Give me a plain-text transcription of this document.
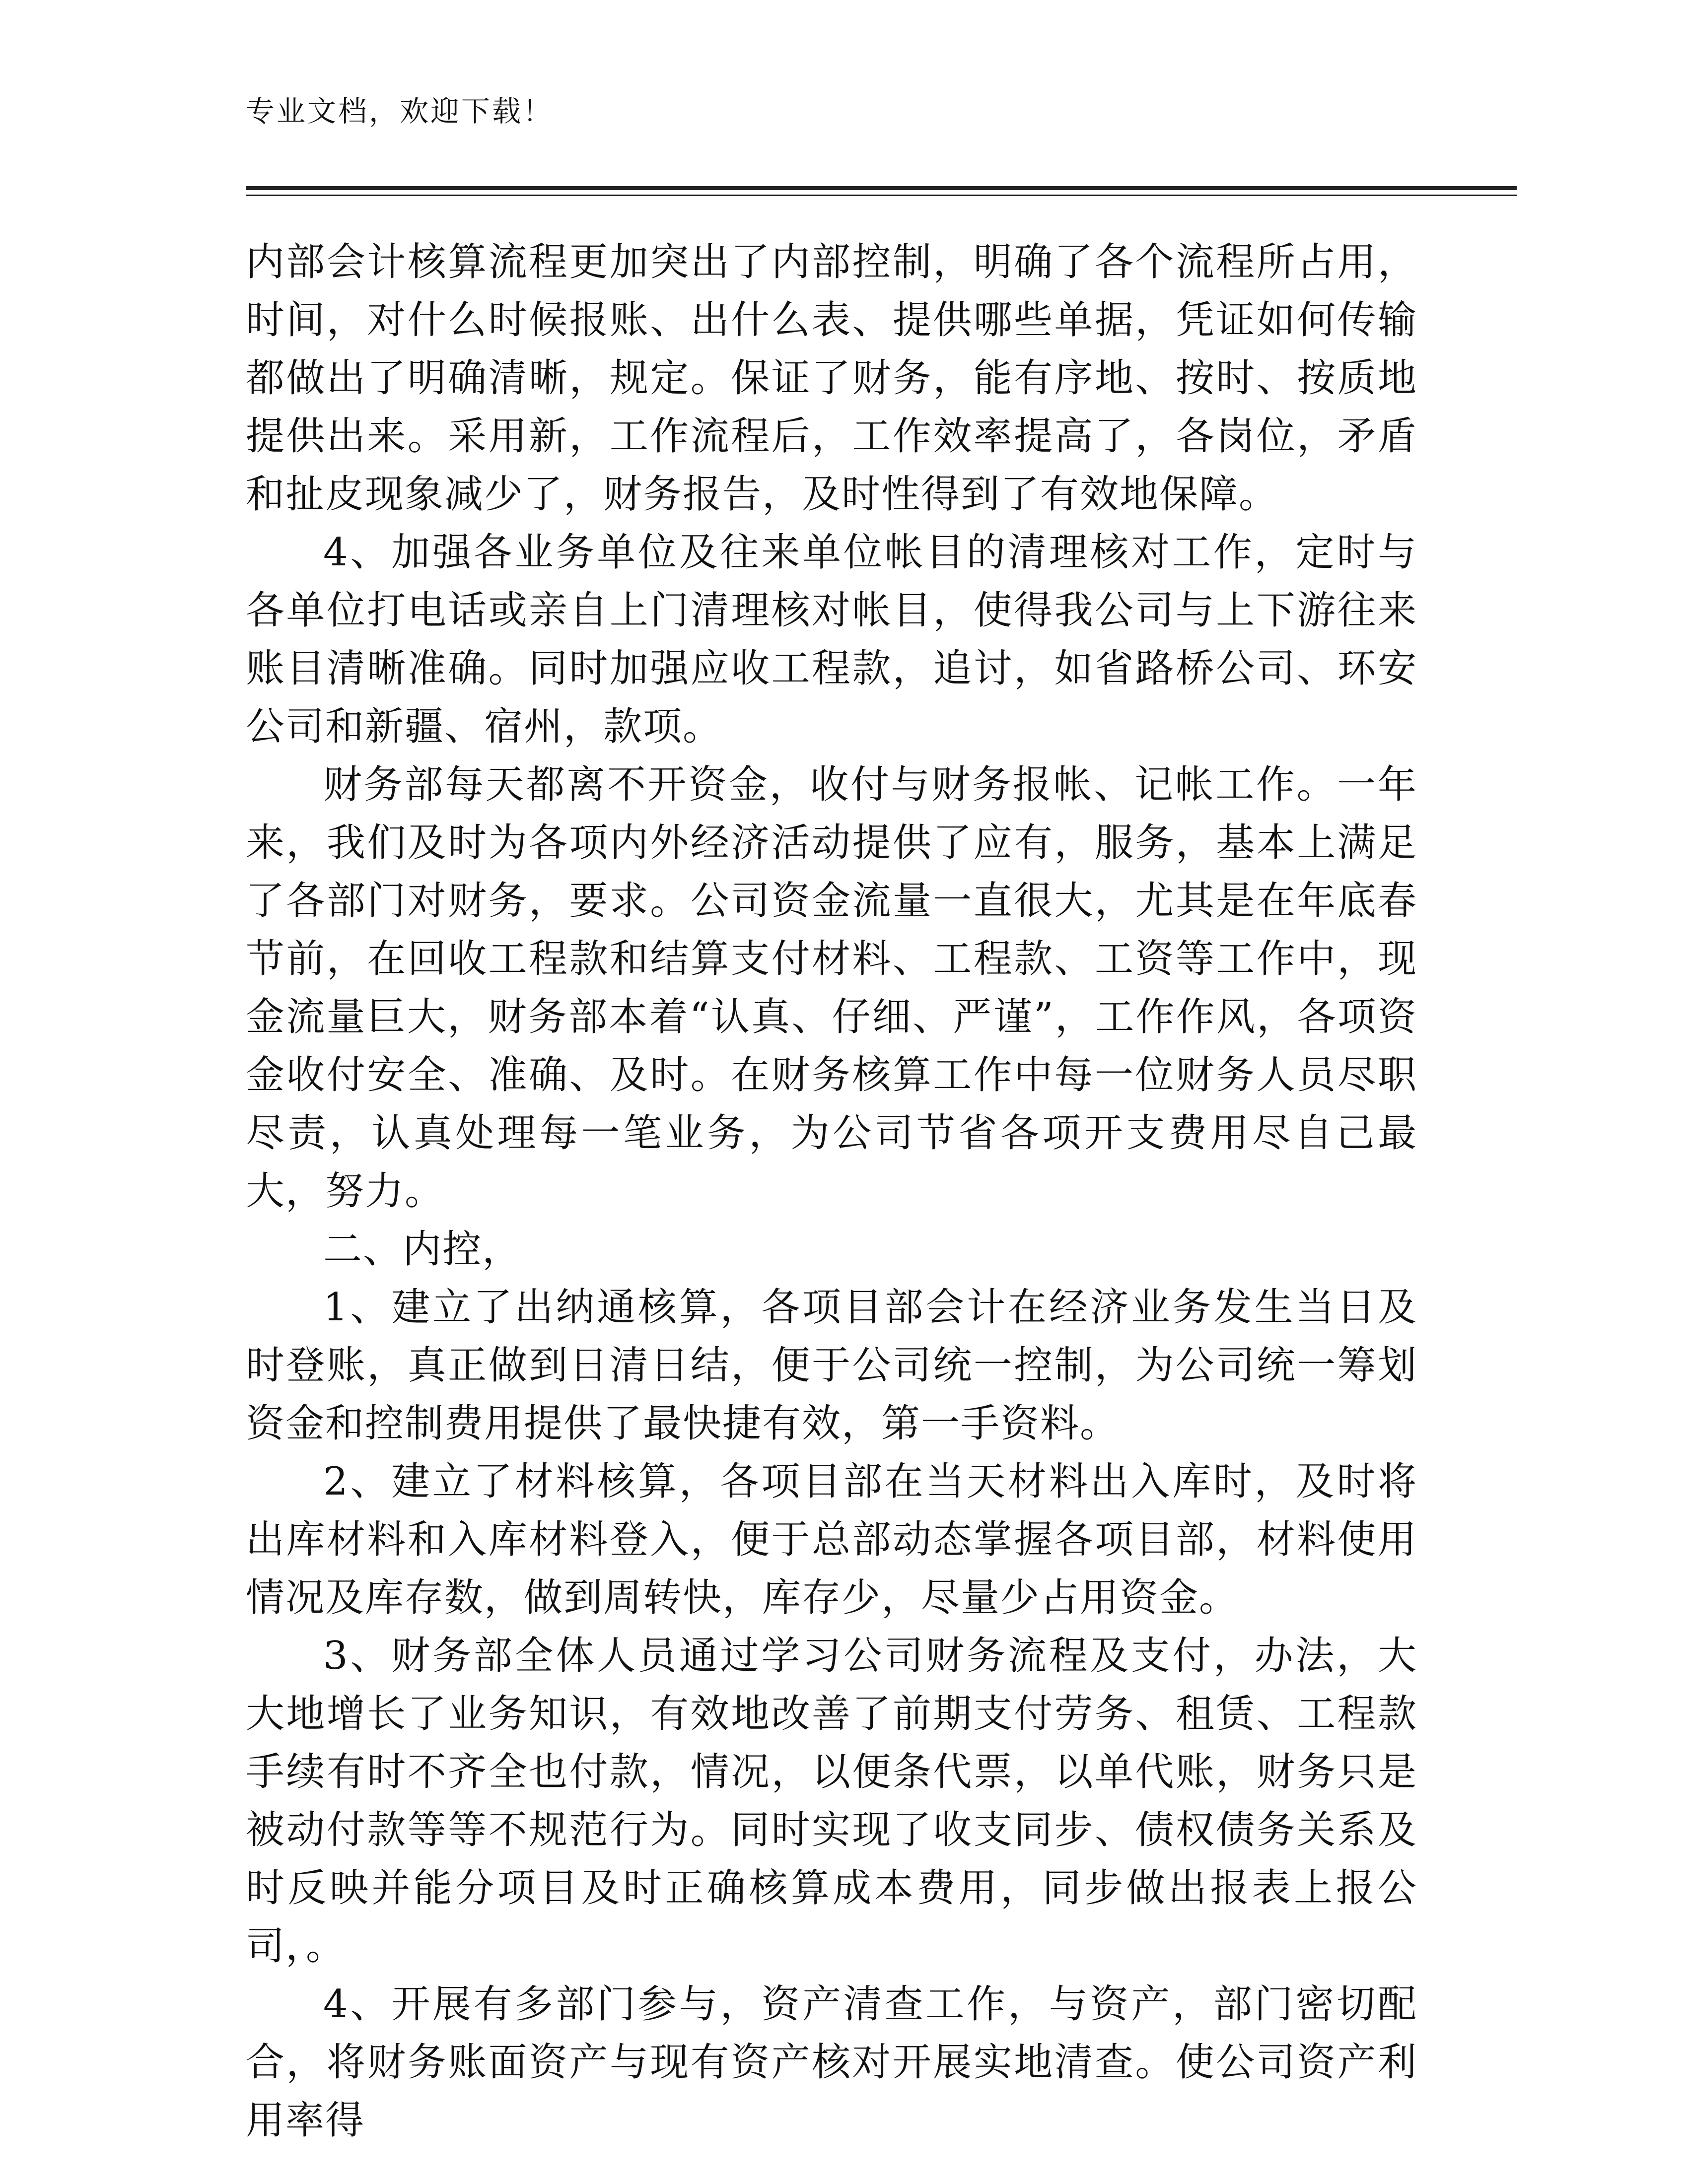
专业文档，欢迎下载！

内部会计核算流程更加突出了内部控制，明确了各个流程所占用，时间，对什么时候报账、出什么表、提供哪些单据，凭证如何传输都做出了明确清晰，规定。保证了财务，能有序地、按时、按质地提供出来。采用新，工作流程后，工作效率提高了，各岗位，矛盾和扯皮现象减少了，财务报告，及时性得到了有效地保障。

4、加强各业务单位及往来单位帐目的清理核对工作，定时与各单位打电话或亲自上门清理核对帐目，使得我公司与上下游往来账目清晰准确。同时加强应收工程款，追讨，如省路桥公司、环安公司和新疆、宿州，款项。

财务部每天都离不开资金，收付与财务报帐、记帐工作。一年来，我们及时为各项内外经济活动提供了应有，服务，基本上满足了各部门对财务，要求。公司资金流量一直很大，尤其是在年底春节前，在回收工程款和结算支付材料、工程款、工资等工作中，现金流量巨大，财务部本着“认真、仔细、严谨”，工作作风，各项资金收付安全、准确、及时。在财务核算工作中每一位财务人员尽职尽责，认真处理每一笔业务，为公司节省各项开支费用尽自己最大，努力。

二、内控，

1、建立了出纳通核算，各项目部会计在经济业务发生当日及时登账，真正做到日清日结，便于公司统一控制，为公司统一筹划资金和控制费用提供了最快捷有效，第一手资料。

2、建立了材料核算，各项目部在当天材料出入库时，及时将出库材料和入库材料登入，便于总部动态掌握各项目部，材料使用情况及库存数，做到周转快，库存少，尽量少占用资金。

3、财务部全体人员通过学习公司财务流程及支付，办法，大大地增长了业务知识，有效地改善了前期支付劳务、租赁、工程款手续有时不齐全也付款，情况，以便条代票，以单代账，财务只是被动付款等等不规范行为。同时实现了收支同步、债权债务关系及时反映并能分项目及时正确核算成本费用，同步做出报表上报公司，。

4、开展有多部门参与，资产清查工作，与资产，部门密切配合，将财务账面资产与现有资产核对开展实地清查。使公司资产利用率得
